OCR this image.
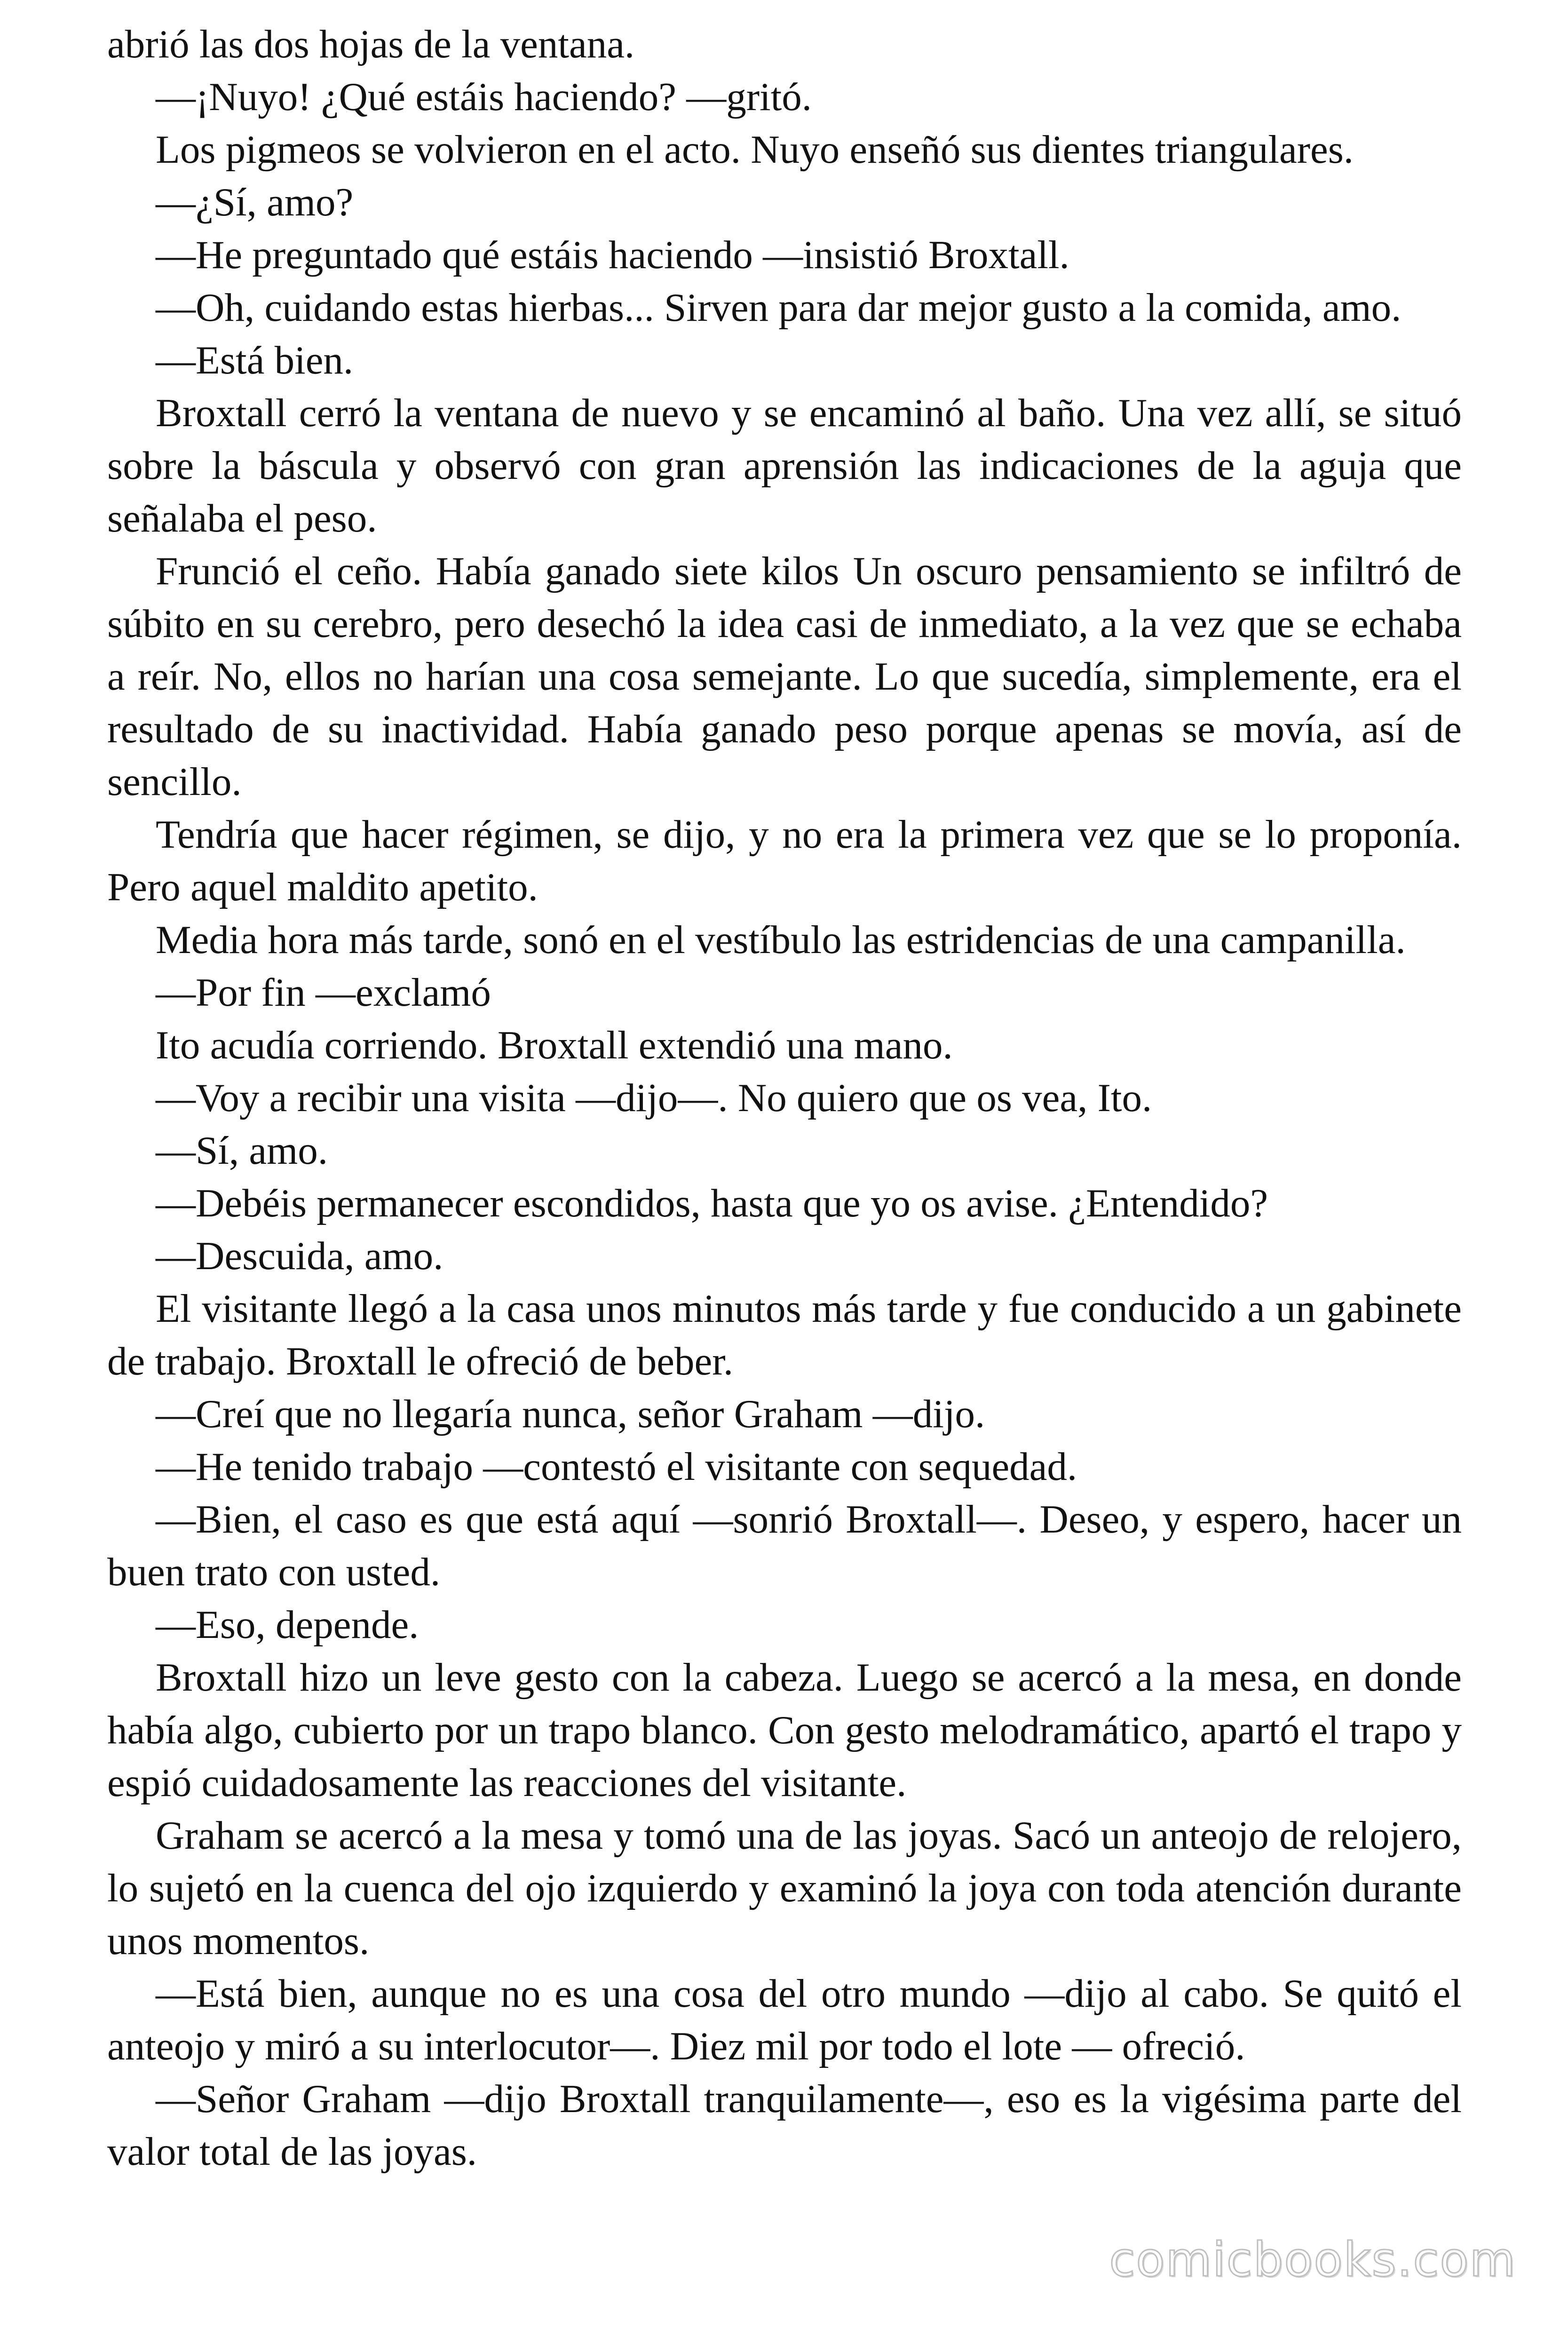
abrió las dos hojas de la ventana.

—¡Nuyo! ¿Qué estáis haciendo? —gritó.

Los pigmeos se volvieron en el acto. Nuyo enseñó sus dientes triangulares.

—¿Sí, amo?

—He preguntado qué estáis haciendo —insistió Broxtall.

—Oh, cuidando estas hierbas... Sirven para dar mejor gusto a la comida, amo.

—Está bien.

Broxtall cerró la ventana de nuevo y se encaminó al baño. Una vez allí, se situó sobre la báscula y observó con gran aprensión las indicaciones de la aguja que señalaba el peso.

Frunció el ceño. Había ganado siete kilos Un oscuro pensamiento se infiltró de súbito en su cerebro, pero desechó la idea casi de inmediato, a la vez que se echaba a reír. No, ellos no harían una cosa semejante. Lo que sucedía, simplemente, era el resultado de su inactividad. Había ganado peso porque apenas se movía, así de sencillo.

Tendría que hacer régimen, se dijo, y no era la primera vez que se lo proponía. Pero aquel maldito apetito.

Media hora más tarde, sonó en el vestíbulo las estridencias de una campanilla.

—Por fin —exclamó

Ito acudía corriendo. Broxtall extendió una mano.

—Voy a recibir una visita —dijo—. No quiero que os vea, Ito.

—Sí, amo.

—Debéis permanecer escondidos, hasta que yo os avise. ¿Entendido?

—Descuida, amo.

El visitante llegó a la casa unos minutos más tarde y fue conducido a un gabinete de trabajo. Broxtall le ofreció de beber.

—Creí que no llegaría nunca, señor Graham —dijo.

—He tenido trabajo —contestó el visitante con sequedad.

—Bien, el caso es que está aquí —sonrió Broxtall—. Deseo, y espero, hacer un buen trato con usted.

—Eso, depende.

Broxtall hizo un leve gesto con la cabeza. Luego se acercó a la mesa, en donde había algo, cubierto por un trapo blanco. Con gesto melodramático, apartó el trapo y espió cuidadosamente las reacciones del visitante.

Graham se acercó a la mesa y tomó una de las joyas. Sacó un anteojo de relojero, lo sujetó en la cuenca del ojo izquierdo y examinó la joya con toda atención durante unos momentos.

—Está bien, aunque no es una cosa del otro mundo —dijo al cabo. Se quitó el anteojo y miró a su interlocutor—. Diez mil por todo el lote — ofreció.

—Señor Graham —dijo Broxtall tranquilamente—, eso es la vigésima parte del valor total de las joyas.

comicbooks.com
